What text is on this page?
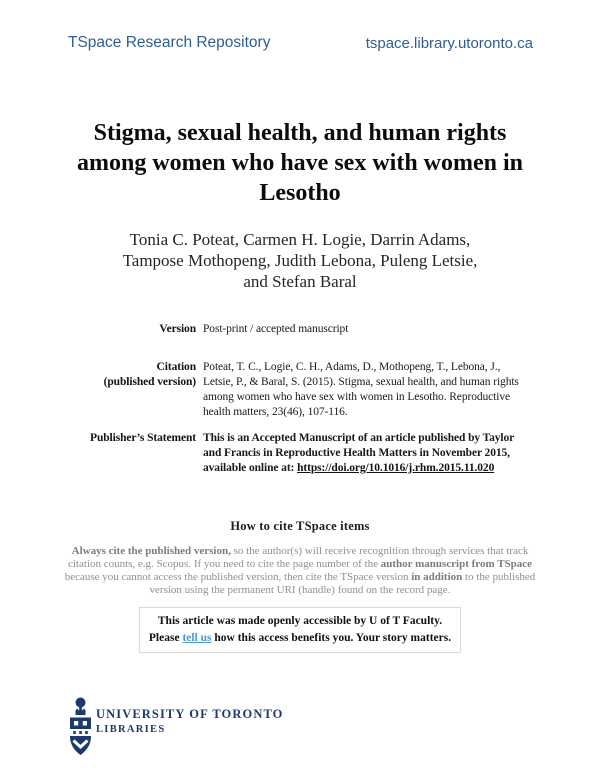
TSpace Research Repository	tspace.library.utoronto.ca
Stigma, sexual health, and human rights
among women who have sex with women in
Lesotho
Tonia C. Poteat, Carmen H. Logie, Darrin Adams,
Tampose Mothopeng, Judith Lebona, Puleng Letsie,
and Stefan Baral
Version Post-print / accepted manuscript
Citation
(published version)
Poteat, T. C., Logie, C. H., Adams, D., Mothopeng, T., Lebona, J.,
Letsie, P., & Baral, S. (2015). Stigma, sexual health, and human rights
among women who have sex with women in Lesotho. Reproductive
health matters, 23(46), 107-116.
Publisher’s Statement This is an Accepted Manuscript of an article published by Taylor
and Francis in Reproductive Health Matters in November 2015,
available online at: https://doi.org/10.1016/j.rhm.2015.11.020
How to cite TSpace items
Always cite the published version, so the author(s) will receive recognition through services that track
citation counts, e.g. Scopus. If you need to cite the page number of the author manuscript from TSpace
because you cannot access the published version, then cite the TSpace version in addition to the published
version using the permanent URI (handle) found on the record page.
This article was made openly accessible by U of T Faculty.
Please tell us how this access benefits you. Your story matters.
UNIVERSITY OF TORONTO
LIBRARIES
